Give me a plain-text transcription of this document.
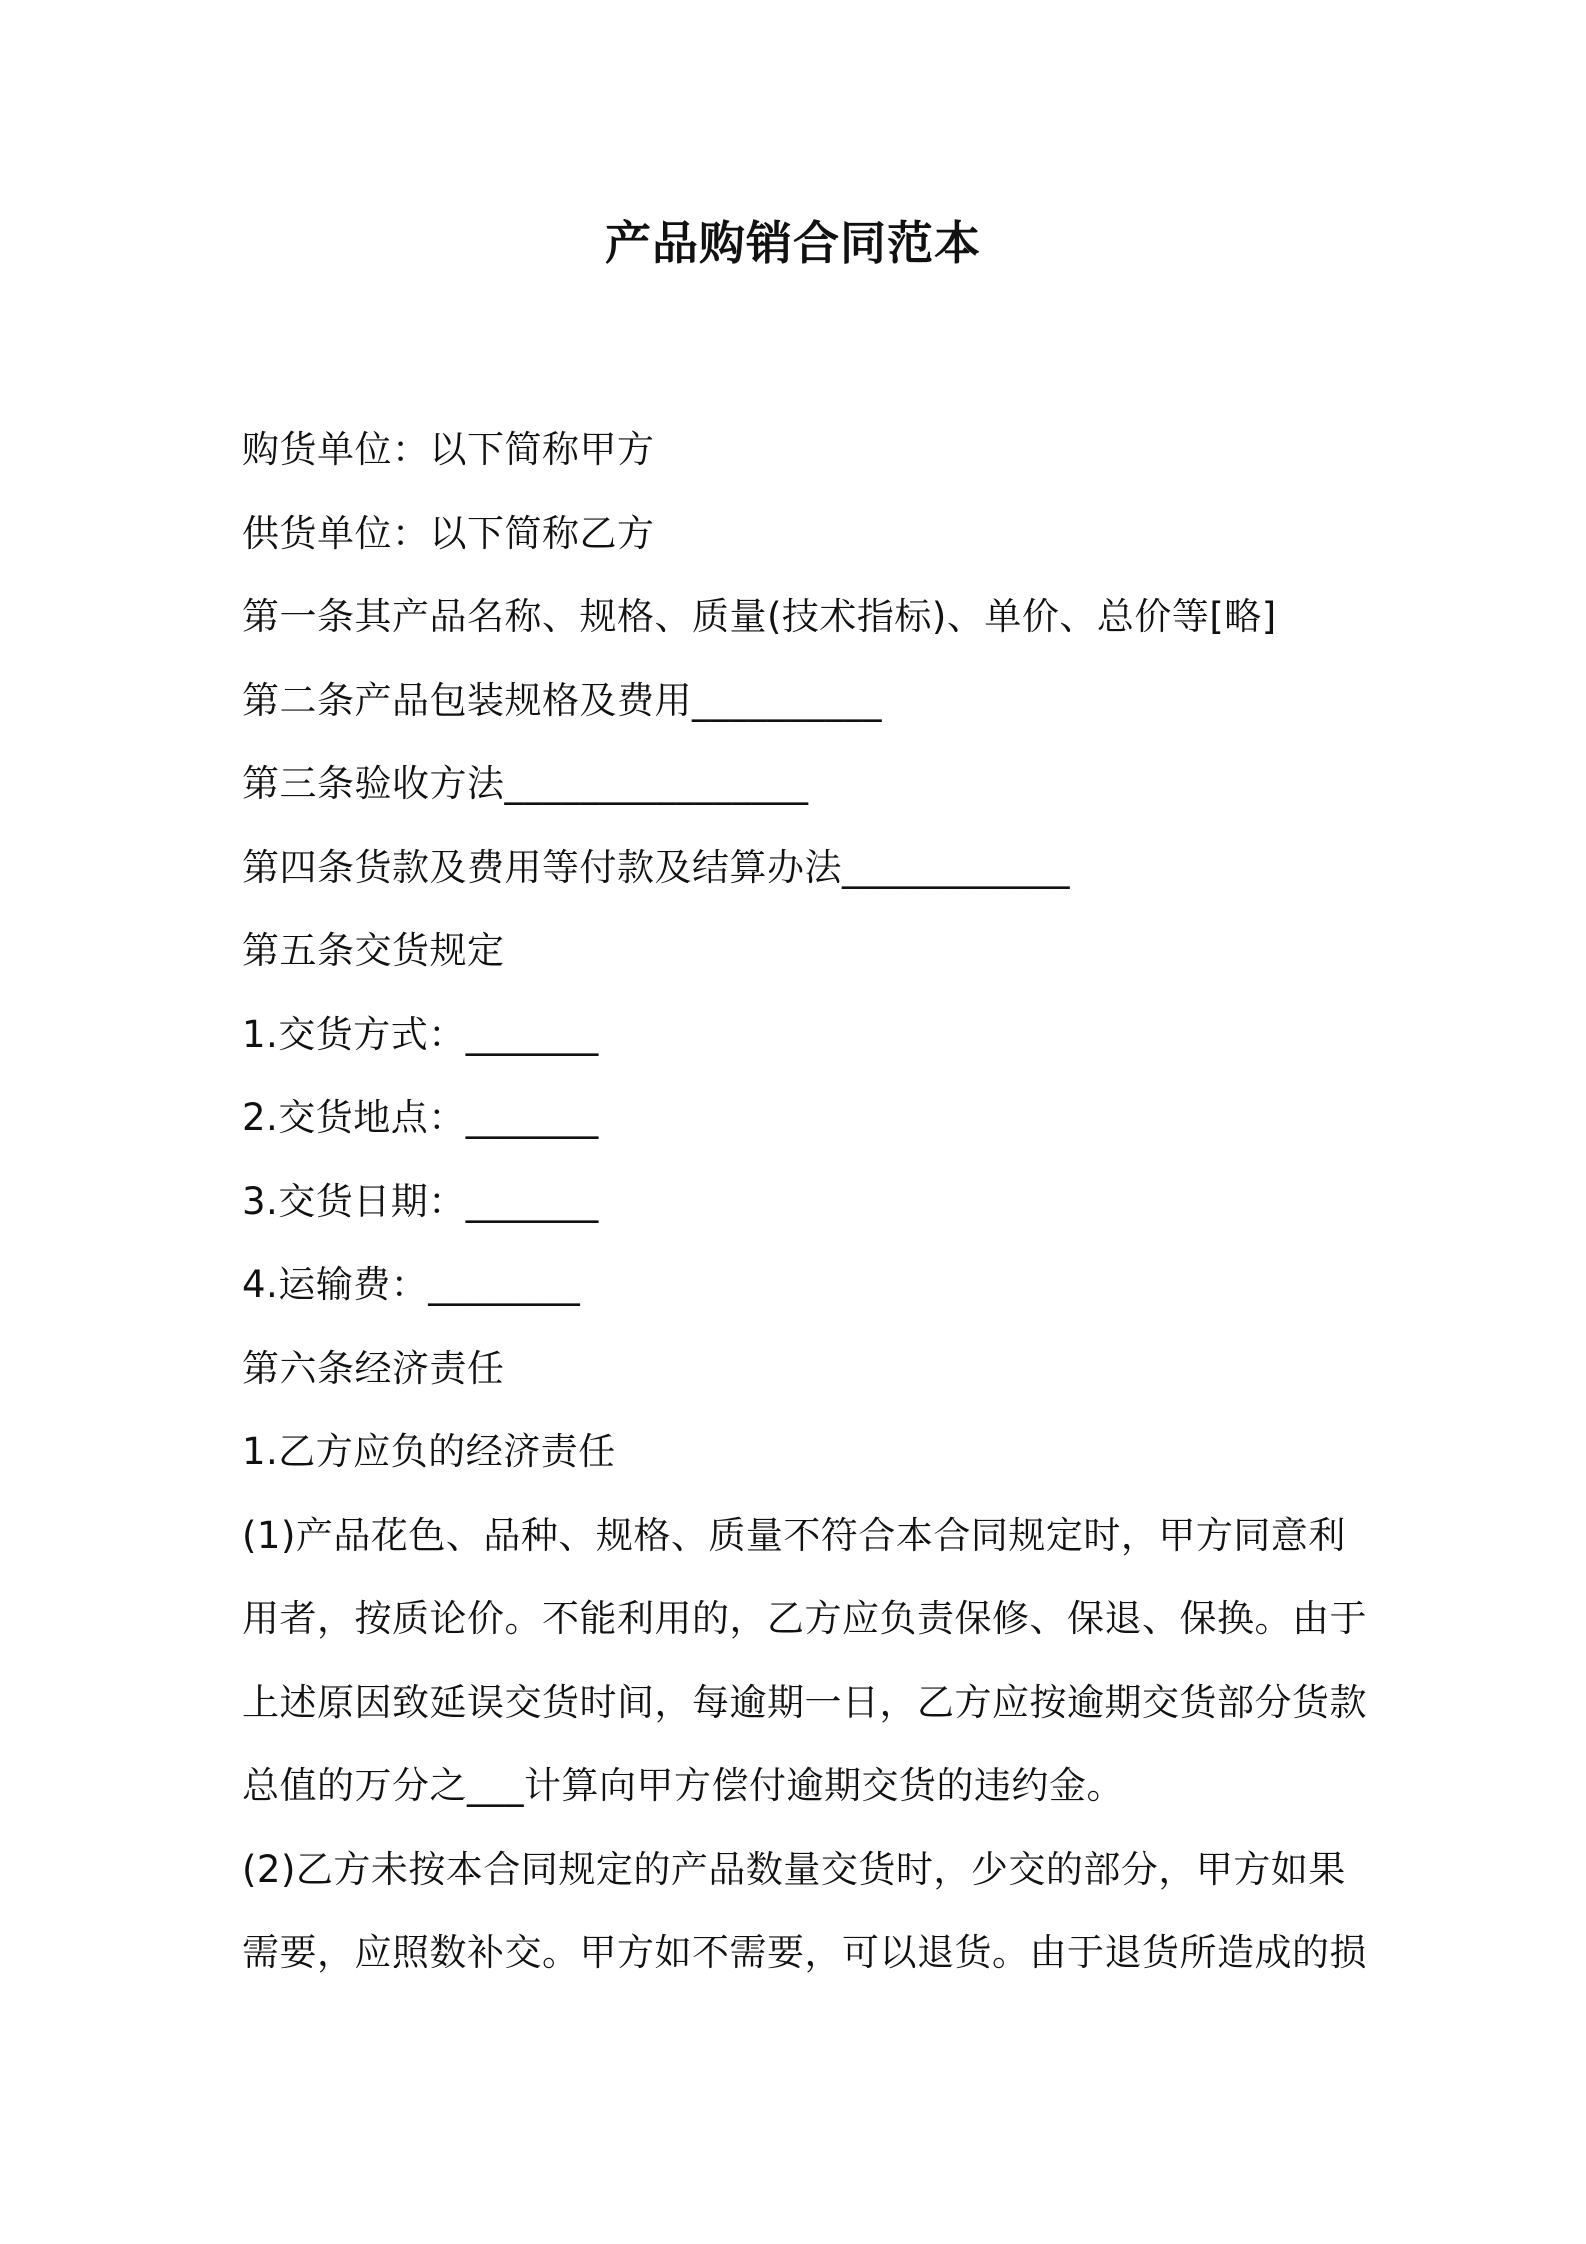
产品购销合同范本
购货单位：以下简称甲方
供货单位：以下简称乙方
第一条其产品名称、规格、质量(技术指标)、单价、总价等[略]
第二条产品包装规格及费用__________
第三条验收方法________________
第四条货款及费用等付款及结算办法____________
第五条交货规定
1.交货方式：_______
2.交货地点：_______
3.交货日期：_______
4.运输费：________
第六条经济责任
1.乙方应负的经济责任
(1)产品花色、品种、规格、质量不符合本合同规定时，甲方同意利
用者，按质论价。不能利用的，乙方应负责保修、保退、保换。由于
上述原因致延误交货时间，每逾期一日，乙方应按逾期交货部分货款
总值的万分之___计算向甲方偿付逾期交货的违约金。
(2)乙方未按本合同规定的产品数量交货时，少交的部分，甲方如果
需要，应照数补交。甲方如不需要，可以退货。由于退货所造成的损
